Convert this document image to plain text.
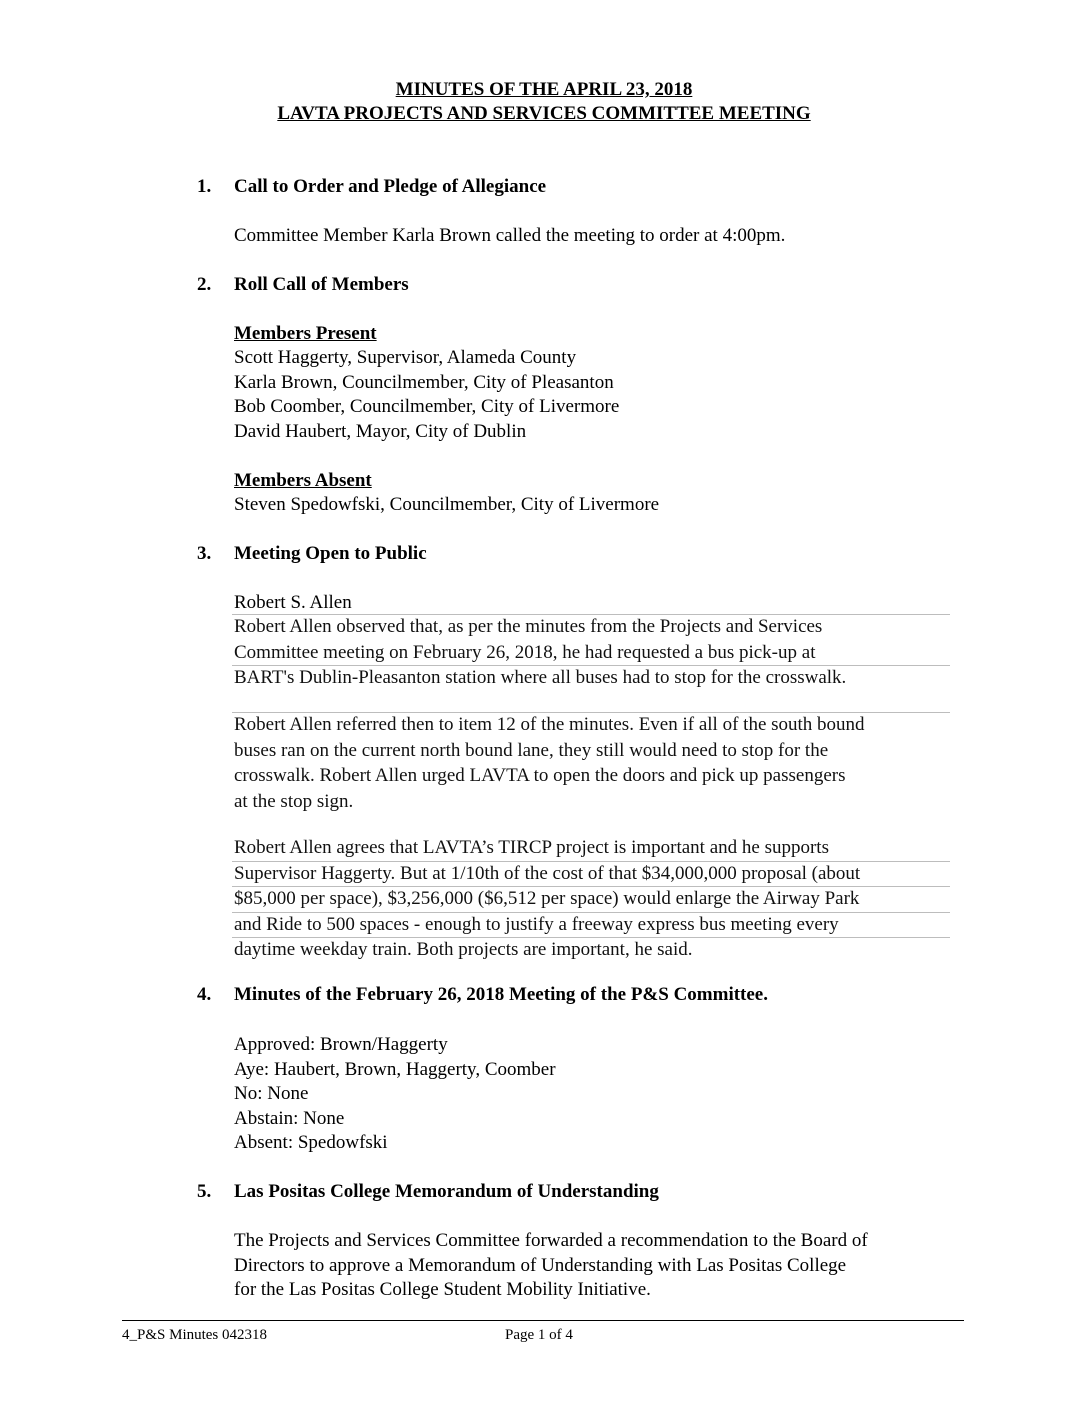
MINUTES OF THE APRIL 23, 2018
LAVTA PROJECTS AND SERVICES COMMITTEE MEETING
1. Call to Order and Pledge of Allegiance
Committee Member Karla Brown called the meeting to order at 4:00pm.
2. Roll Call of Members
Members Present
Scott Haggerty, Supervisor, Alameda County
Karla Brown, Councilmember, City of Pleasanton
Bob Coomber, Councilmember, City of Livermore
David Haubert, Mayor, City of Dublin
Members Absent
Steven Spedowfski, Councilmember, City of Livermore
3. Meeting Open to Public
Robert S. Allen
Robert Allen observed that, as per the minutes from the Projects and Services
Committee meeting on February 26, 2018, he had requested a bus pick-up at
BART's Dublin-Pleasanton station where all buses had to stop for the crosswalk.
Robert Allen referred then to item 12 of the minutes. Even if all of the south bound
buses ran on the current north bound lane, they still would need to stop for the
crosswalk. Robert Allen urged LAVTA to open the doors and pick up passengers
at the stop sign.
Robert Allen agrees that LAVTA’s TIRCP project is important and he supports
Supervisor Haggerty. But at 1/10th of the cost of that $34,000,000 proposal (about
$85,000 per space), $3,256,000 ($6,512 per space) would enlarge the Airway Park
and Ride to 500 spaces - enough to justify a freeway express bus meeting every
daytime weekday train. Both projects are important, he said.
4. Minutes of the February 26, 2018 Meeting of the P&S Committee.
Approved: Brown/Haggerty
Aye: Haubert, Brown, Haggerty, Coomber
No: None
Abstain: None
Absent: Spedowfski
5. Las Positas College Memorandum of Understanding
The Projects and Services Committee forwarded a recommendation to the Board of
Directors to approve a Memorandum of Understanding with Las Positas College
for the Las Positas College Student Mobility Initiative.
4_P&S Minutes 042318	Page 1 of 4
